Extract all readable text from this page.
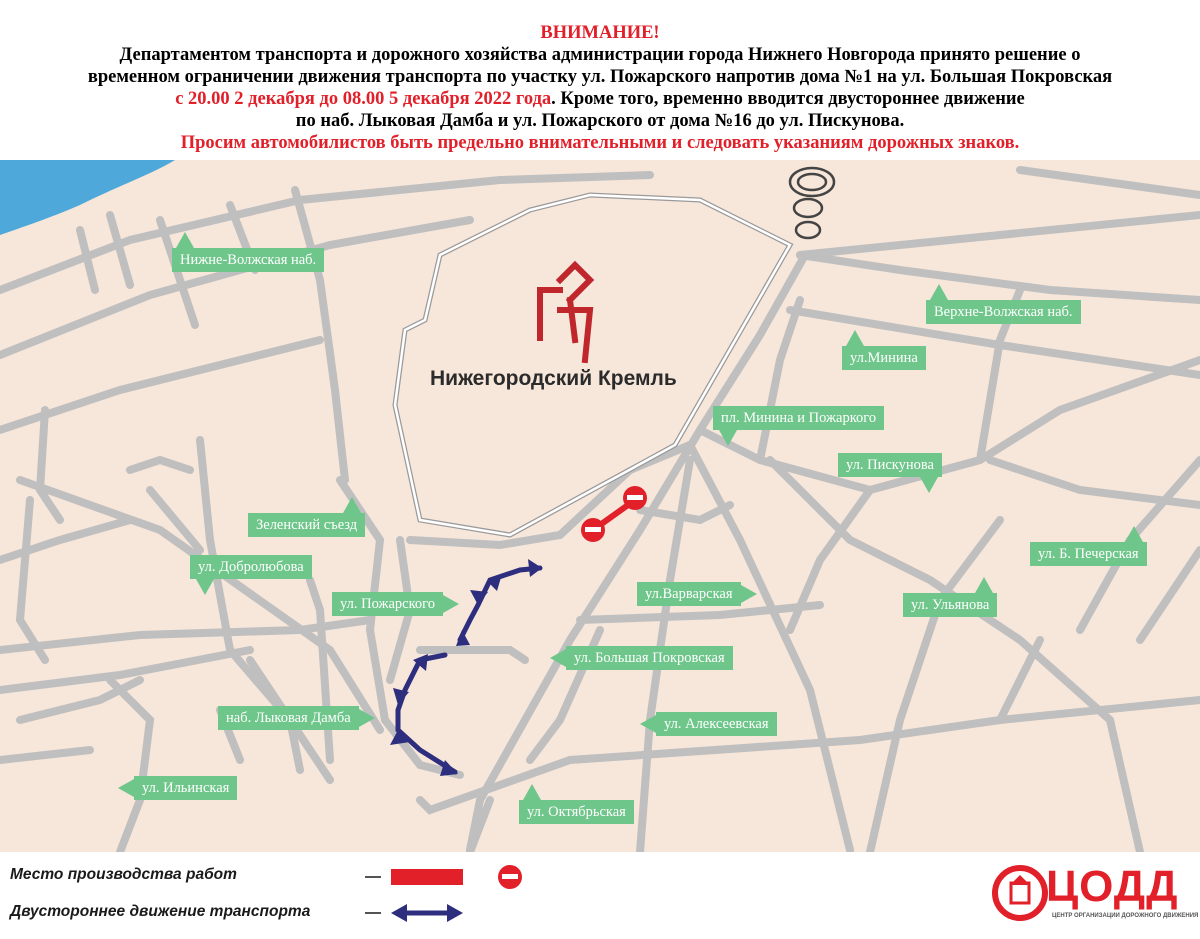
ВНИМАНИЕ!
Департаментом транспорта и дорожного хозяйства администрации города Нижнего Новгорода принято решение о
временном ограничении движения транспорта по участку ул. Пожарского напротив дома №1 на ул. Большая Покровская
с 20.00 2 декабря до 08.00 5 декабря 2022 года. Кроме того, временно вводится двустороннее движение
по наб. Лыковая Дамба и ул. Пожарского от дома №16 до ул. Пискунова.
Просим автомобилистов быть предельно внимательными и следовать указаниям дорожных знаков.
Нижегородский Кремль
Нижне-Волжская наб.
Верхне-Волжская наб.
ул.Минина
пл. Минина и Пожаркого
ул. Пискунова
Зеленский съезд
ул. Добролюбова
ул. Пожарского
ул.Варварская
ул. Б. Печерская
ул. Ульянова
ул. Большая Покровская
наб. Лыковая Дамба	ул. Алексеевская
ул. Ильинская
ул. Октябрьская
Место производства работ
Двустороннее движение транспорта
ЦОДД
ЦЕНТР ОРГАНИЗАЦИИ ДОРОЖНОГО ДВИЖЕНИЯ
